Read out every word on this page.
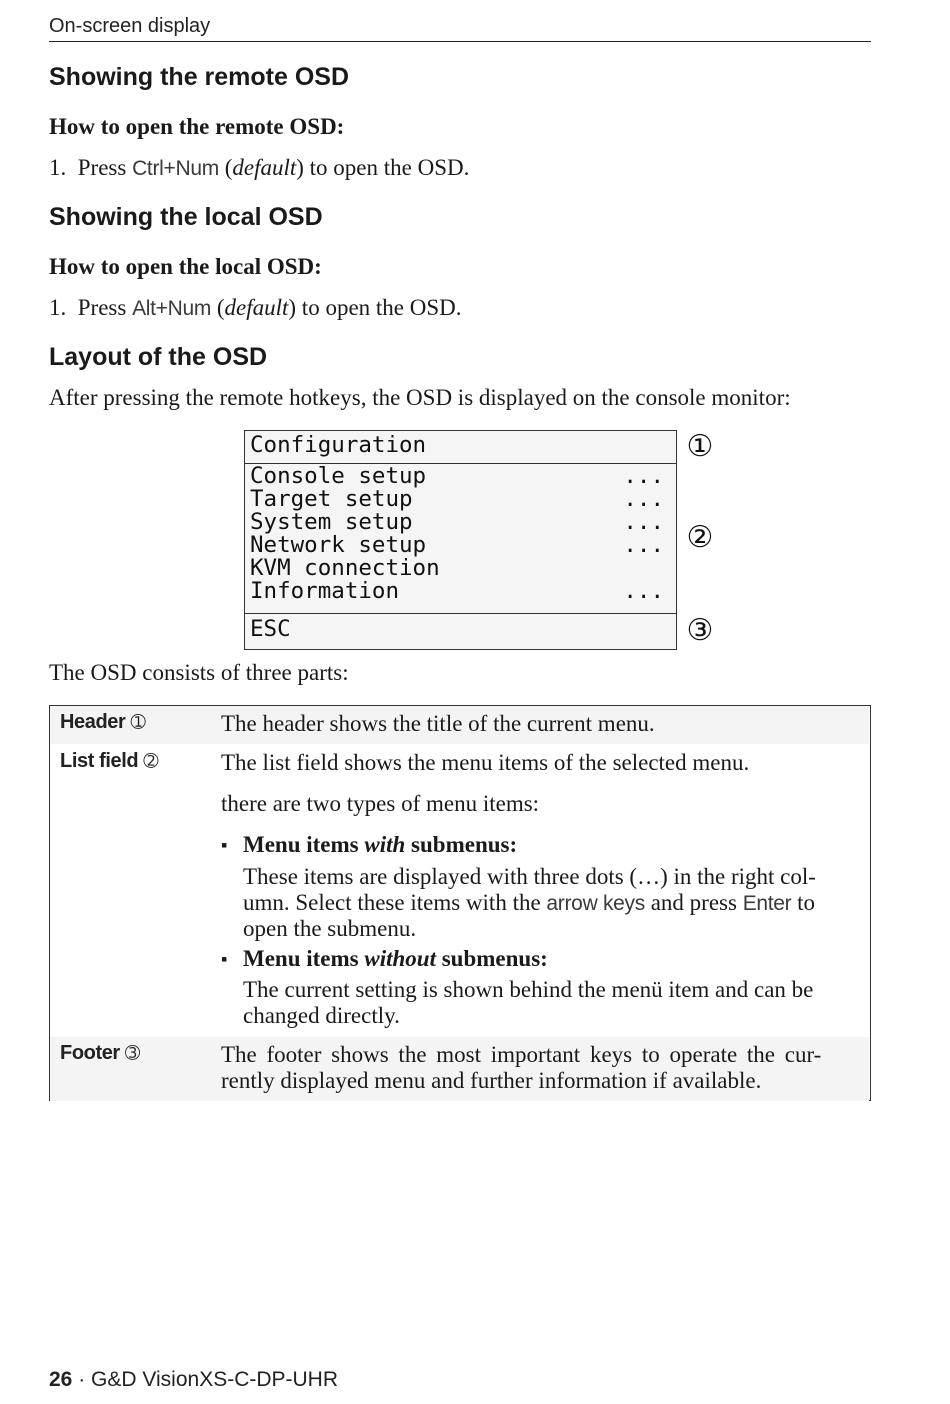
On-screen display
Showing the remote OSD
How to open the remote OSD:

1. Press Ctrl+Num (default) to open the OSD.

Showing the local OSD
How to open the local OSD:

1. Press Alt+Num (default) to open the OSD.

Layout of the OSD

After pressing the remote hotkeys, the OSD is displayed on the console monitor:

Configuration
Console setup	...
Target setup	...
System setup	...
Network setup	...
KVM connection
Information	...
ESC
①
②
③

The OSD consists of three parts:

Header ➀	The header shows the title of the current menu.
List field ➁	The list field shows the menu items of the selected menu.
there are two types of menu items:
▪ Menu items with submenus:
These items are displayed with three dots (…) in the right col-
umn. Select these items with the arrow keys and press Enter to
open the submenu.
▪ Menu items without submenus:
The current setting is shown behind the menü item and can be
changed directly.
Footer ➂	The footer shows the most important keys to operate the cur-
rently displayed menu and further information if available.
26 · G&D VisionXS-C-DP-UHR
